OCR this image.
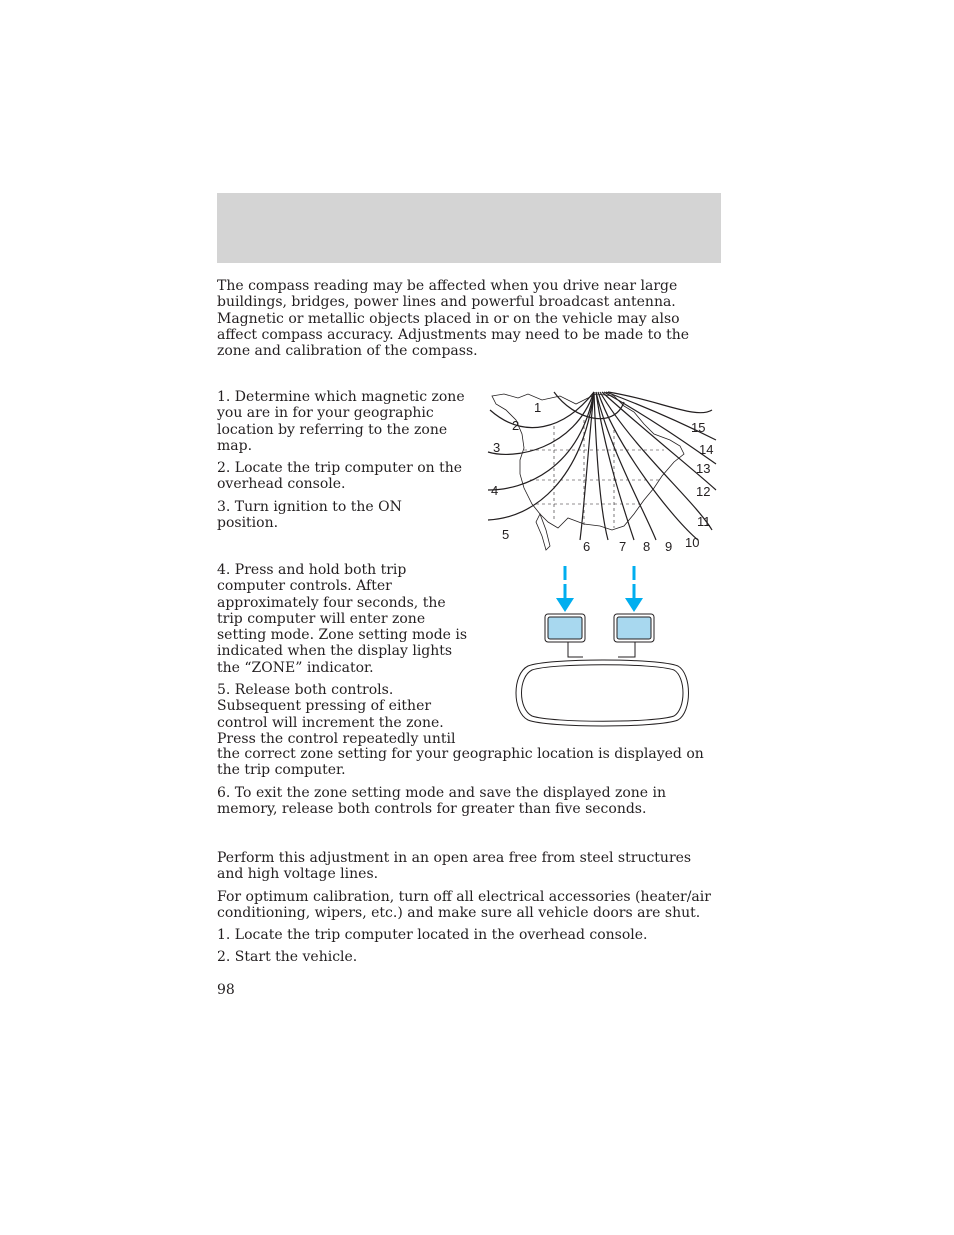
The compass reading may be affected when you drive near large buildings, bridges, power lines and powerful broadcast antenna. Magnetic or metallic objects placed in or on the vehicle may also affect compass accuracy. Adjustments may need to be made to the zone and calibration of the compass.

1. Determine which magnetic zone you are in for your geographic location by referring to the zone map.

2. Locate the trip computer on the overhead console.

3. Turn ignition to the ON position.

1
2
3
4
5
6 7 8 9 10
11
12
13
14
15

4. Press and hold both trip computer controls. After approximately four seconds, the trip computer will enter zone setting mode. Zone setting mode is indicated when the display lights the “ZONE” indicator.

5. Release both controls. Subsequent pressing of either control will increment the zone. Press the control repeatedly until

the correct zone setting for your geographic location is displayed on the trip computer.

6. To exit the zone setting mode and save the displayed zone in memory, release both controls for greater than five seconds.

Perform this adjustment in an open area free from steel structures and high voltage lines.

For optimum calibration, turn off all electrical accessories (heater/air conditioning, wipers, etc.) and make sure all vehicle doors are shut.

1. Locate the trip computer located in the overhead console.

2. Start the vehicle.

98
